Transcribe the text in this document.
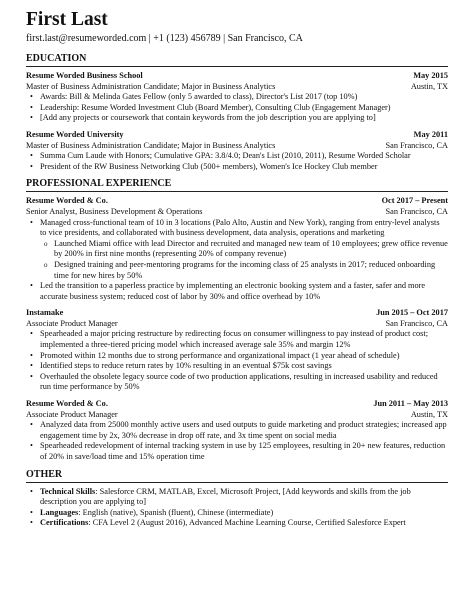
First Last
first.last@resumeworded.com | +1 (123) 456789 | San Francisco, CA
EDUCATION
Resume Worded Business School	May 2015
Master of Business Administration Candidate; Major in Business Analytics	Austin, TX
• Awards: Bill & Melinda Gates Fellow (only 5 awarded to class), Director's List 2017 (top 10%)
• Leadership: Resume Worded Investment Club (Board Member), Consulting Club (Engagement Manager)
• [Add any projects or coursework that contain keywords from the job description you are applying to]
Resume Worded University	May 2011
Master of Business Administration Candidate; Major in Business Analytics	San Francisco, CA
• Summa Cum Laude with Honors; Cumulative GPA: 3.8/4.0; Dean's List (2010, 2011), Resume Worded Scholar
• President of the RW Business Networking Club (500+ members), Women's Ice Hockey Club member
PROFESSIONAL EXPERIENCE
Resume Worded & Co.	Oct 2017 – Present
Senior Analyst, Business Development & Operations	San Francisco, CA
• Managed cross-functional team of 10 in 3 locations (Palo Alto, Austin and New York), ranging from entry-level analysts to vice presidents, and collaborated with business development, data analysis, operations and marketing
o Launched Miami office with lead Director and recruited and managed new team of 10 employees; grew office revenue by 200% in first nine months (representing 20% of company revenue)
o Designed training and peer-mentoring programs for the incoming class of 25 analysts in 2017; reduced onboarding time for new hires by 50%
• Led the transition to a paperless practice by implementing an electronic booking system and a faster, safer and more accurate business system; reduced cost of labor by 30% and office overhead by 10%
Instamake	Jun 2015 – Oct 2017
Associate Product Manager	San Francisco, CA
• Spearheaded a major pricing restructure by redirecting focus on consumer willingness to pay instead of product cost; implemented a three-tiered pricing model which increased average sale 35% and margin 12%
• Promoted within 12 months due to strong performance and organizational impact (1 year ahead of schedule)
• Identified steps to reduce return rates by 10% resulting in an eventual $75k cost savings
• Overhauled the obsolete legacy source code of two production applications, resulting in increased usability and reduced run time performance by 50%
Resume Worded & Co.	Jun 2011 – May 2013
Associate Product Manager	Austin, TX
• Analyzed data from 25000 monthly active users and used outputs to guide marketing and product strategies; increased app engagement time by 2x, 30% decrease in drop off rate, and 3x time spent on social media
• Spearheaded redevelopment of internal tracking system in use by 125 employees, resulting in 20+ new features, reduction of 20% in save/load time and 15% operation time
OTHER
• Technical Skills: Salesforce CRM, MATLAB, Excel, Microsoft Project, [Add keywords and skills from the job description you are applying to]
• Languages: English (native), Spanish (fluent), Chinese (intermediate)
• Certifications: CFA Level 2 (August 2016), Advanced Machine Learning Course, Certified Salesforce Expert
